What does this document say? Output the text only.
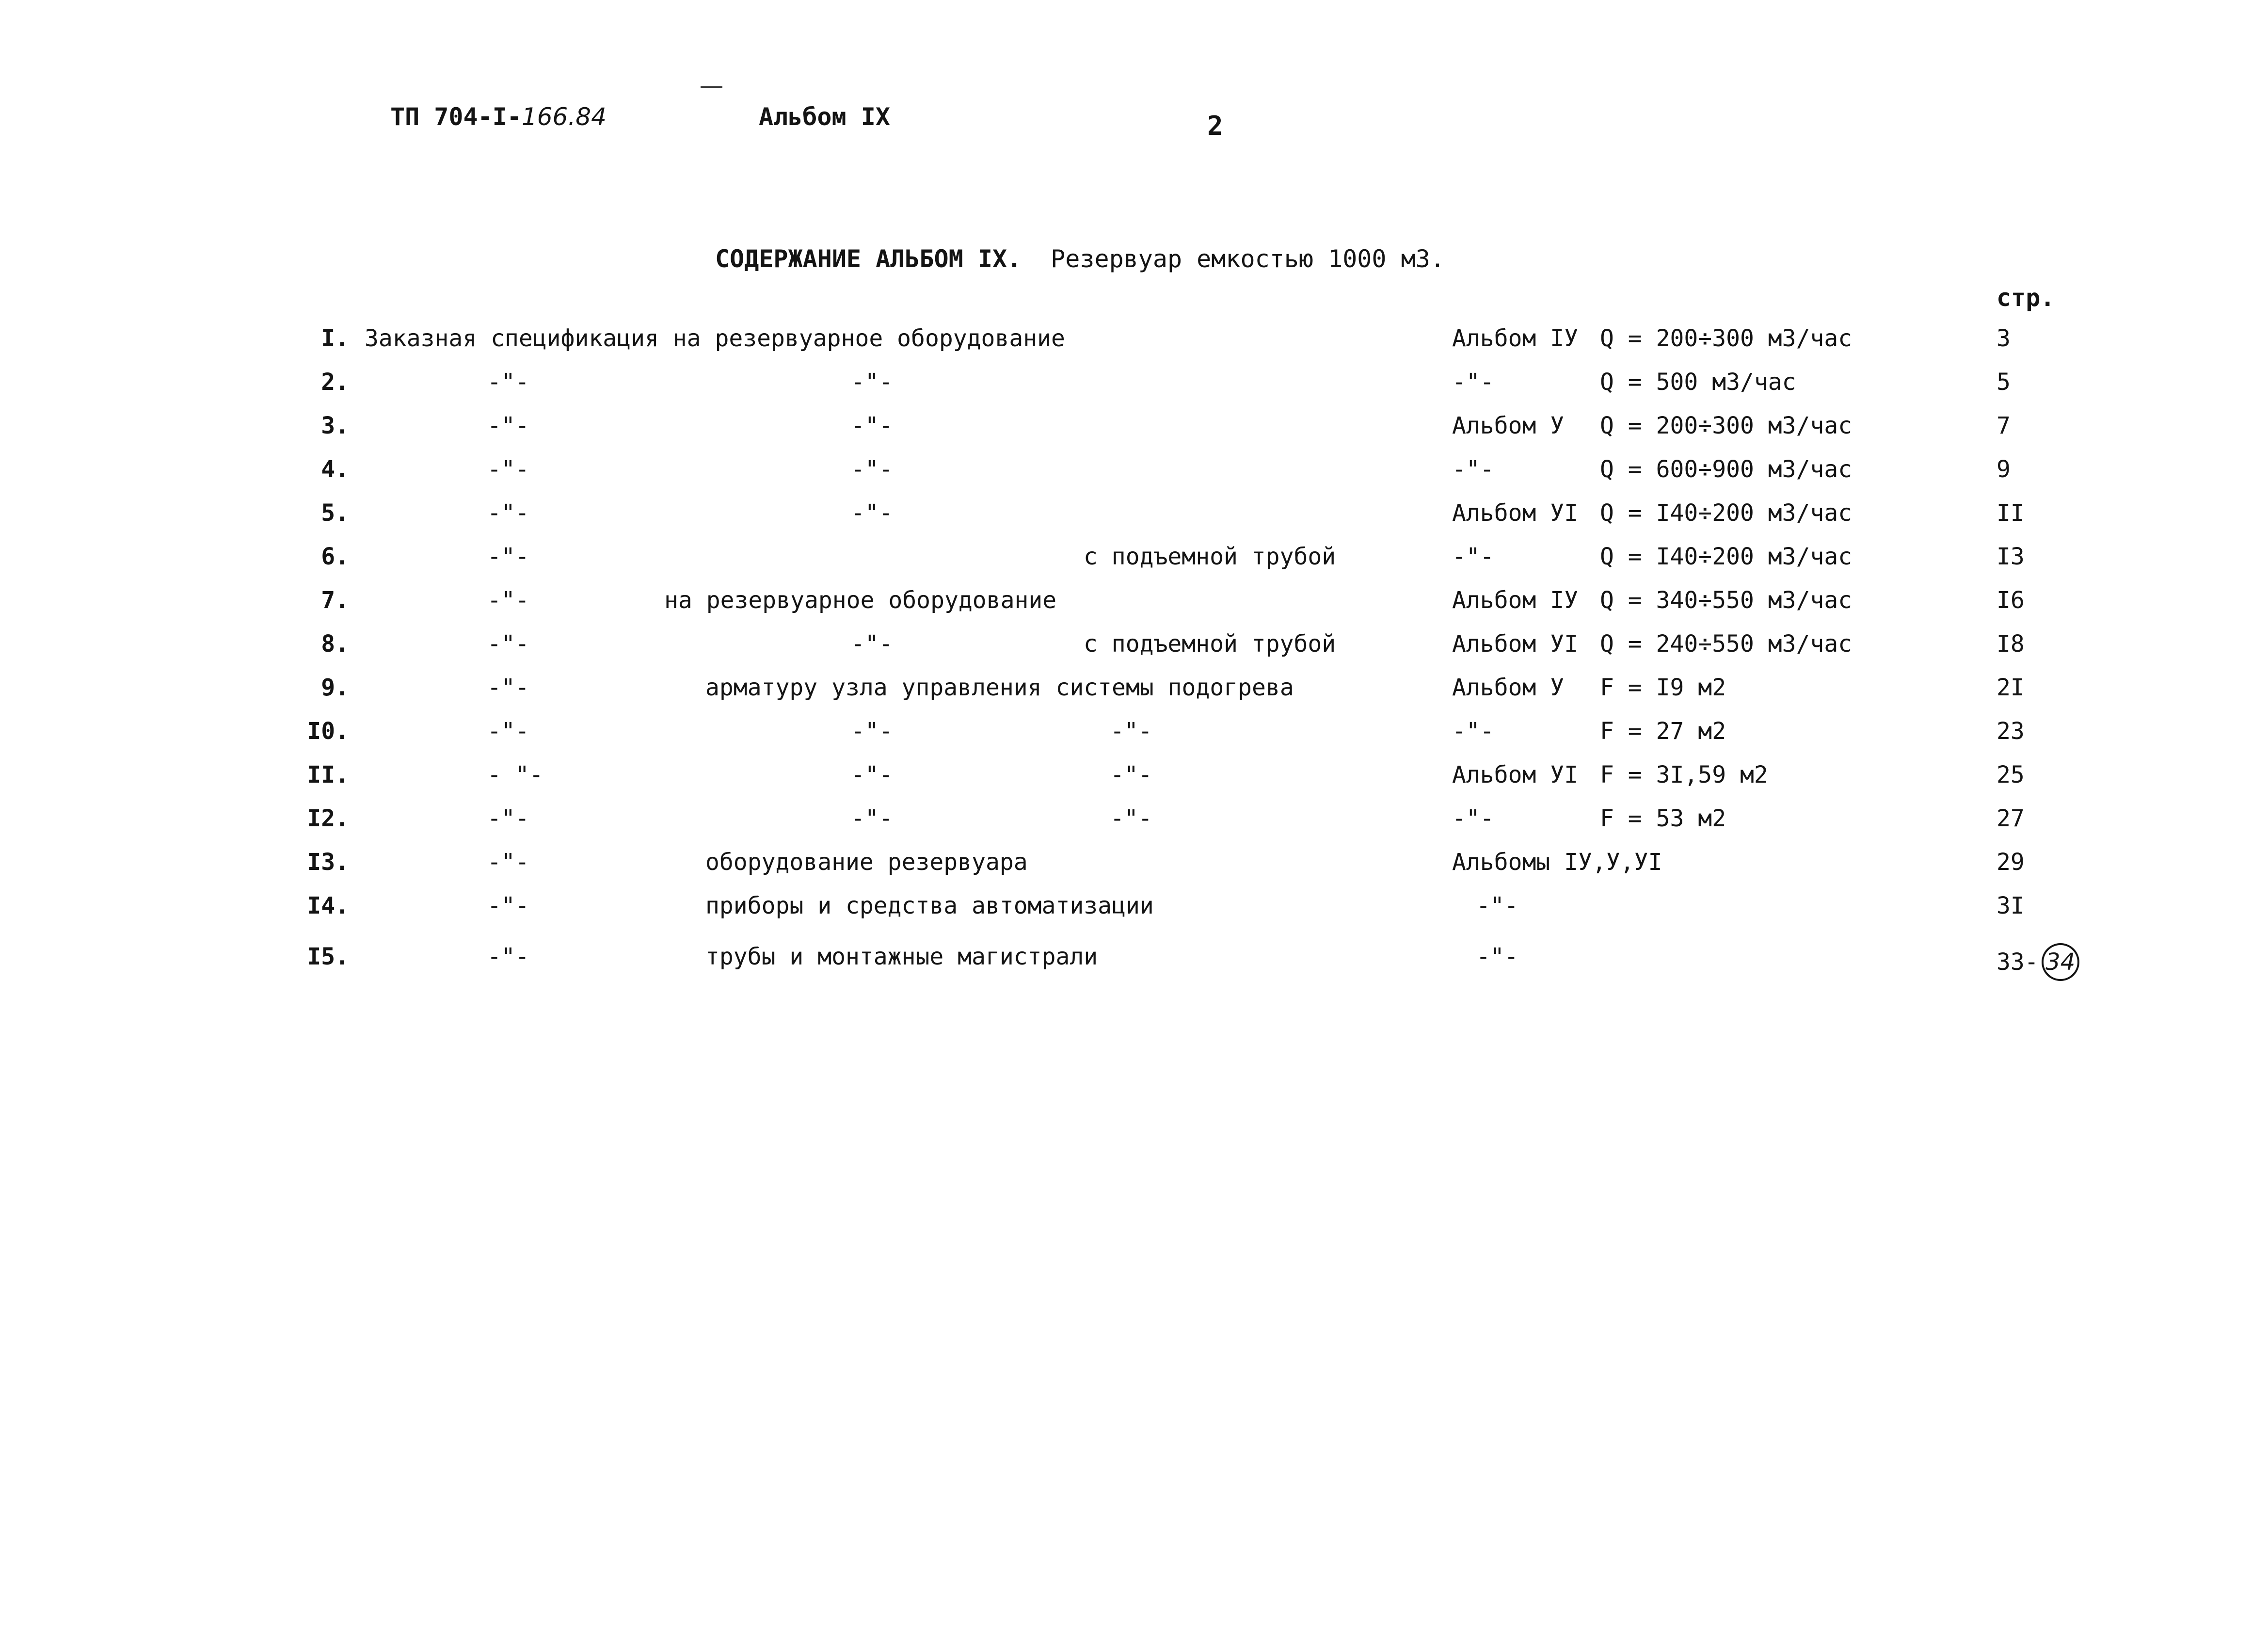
ТП 704-I-166.84	Альбом IX	2
СОДЕРЖАНИЕ АЛЬБОМ IX. Резервуар емкостью 1000 м3.
стр.
I. Заказная спецификация на резервуарное оборудование	Альбом IУ Q = 200÷300 м3/час	3
2.	-"-	-"-	-"-	Q = 500 м3/час	5
3.	-"-	-"-	Альбом У Q = 200÷300 м3/час	7
4.	-"-	-"-	-"-	Q = 600÷900 м3/час	9
5.	-"-	-"-	Альбом УI Q = I40÷200 м3/час	II
6.	-"-	с подъемной трубой	-"-	Q = I40÷200 м3/час	I3
7.	-"-	на резервуарное оборудование	Альбом IУ Q = 340÷550 м3/час	I6
8.	-"-	-"-	с подъемной трубой	Альбом УI Q = 240÷550 м3/час	I8
9.	-"-	арматуру узла управления системы подогрева	Альбом У F = I9 м2	2I
I0.	-"-	-"-	-"-	-"-	F = 27 м2	23
II.	- "-	-"-	-"-	Альбом УI F = 3I,59 м2	25
I2.	-"-	-"-	-"-	-"-	F = 53 м2	27
I3.	-"-	оборудование резервуара	Альбомы IУ,У,УI	29
I4.	-"-	приборы и средства автоматизации	-"-	3I
I5.	-"-	трубы и монтажные магистрали	-"-	33- 34
